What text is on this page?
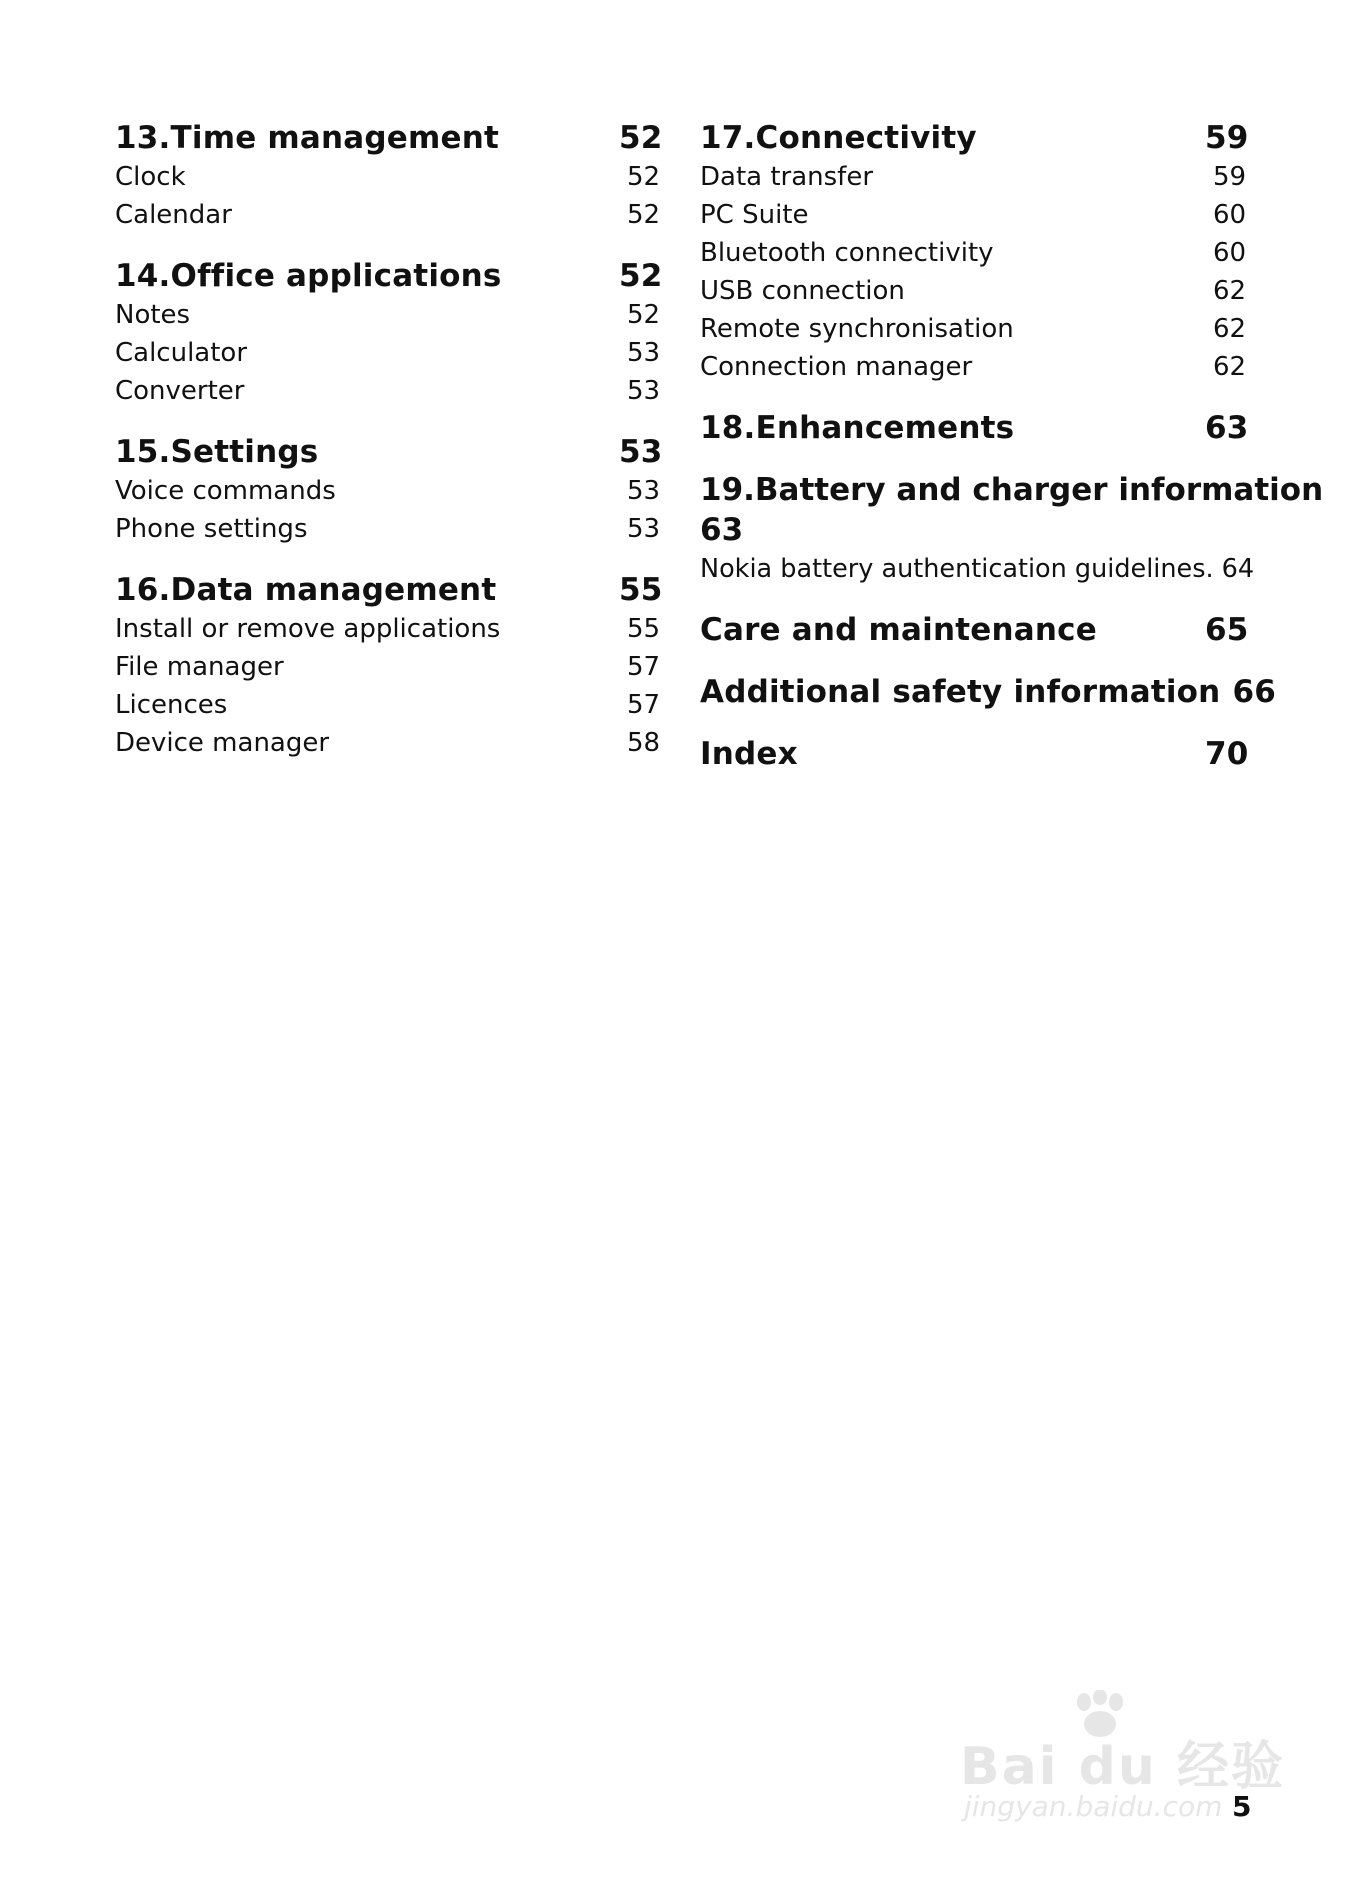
13.Time management	52
Clock	52
Calendar	52
14.Office applications	52
Notes	52
Calculator	53
Converter	53
15.Settings	53
Voice commands	53
Phone settings	53
16.Data management	55
Install or remove applications	55
File manager	57
Licences	57
Device manager	58
17.Connectivity	59
Data transfer	59
PC Suite	60
Bluetooth connectivity	60
USB connection	62
Remote synchronisation	62
Connection manager	62
18.Enhancements	63
19.Battery and charger information
63
Nokia battery authentication guidelines. 64
Care and maintenance	65
Additional safety information 66
Index	70
Bai du 经验
jingyan.baidu.com 5
